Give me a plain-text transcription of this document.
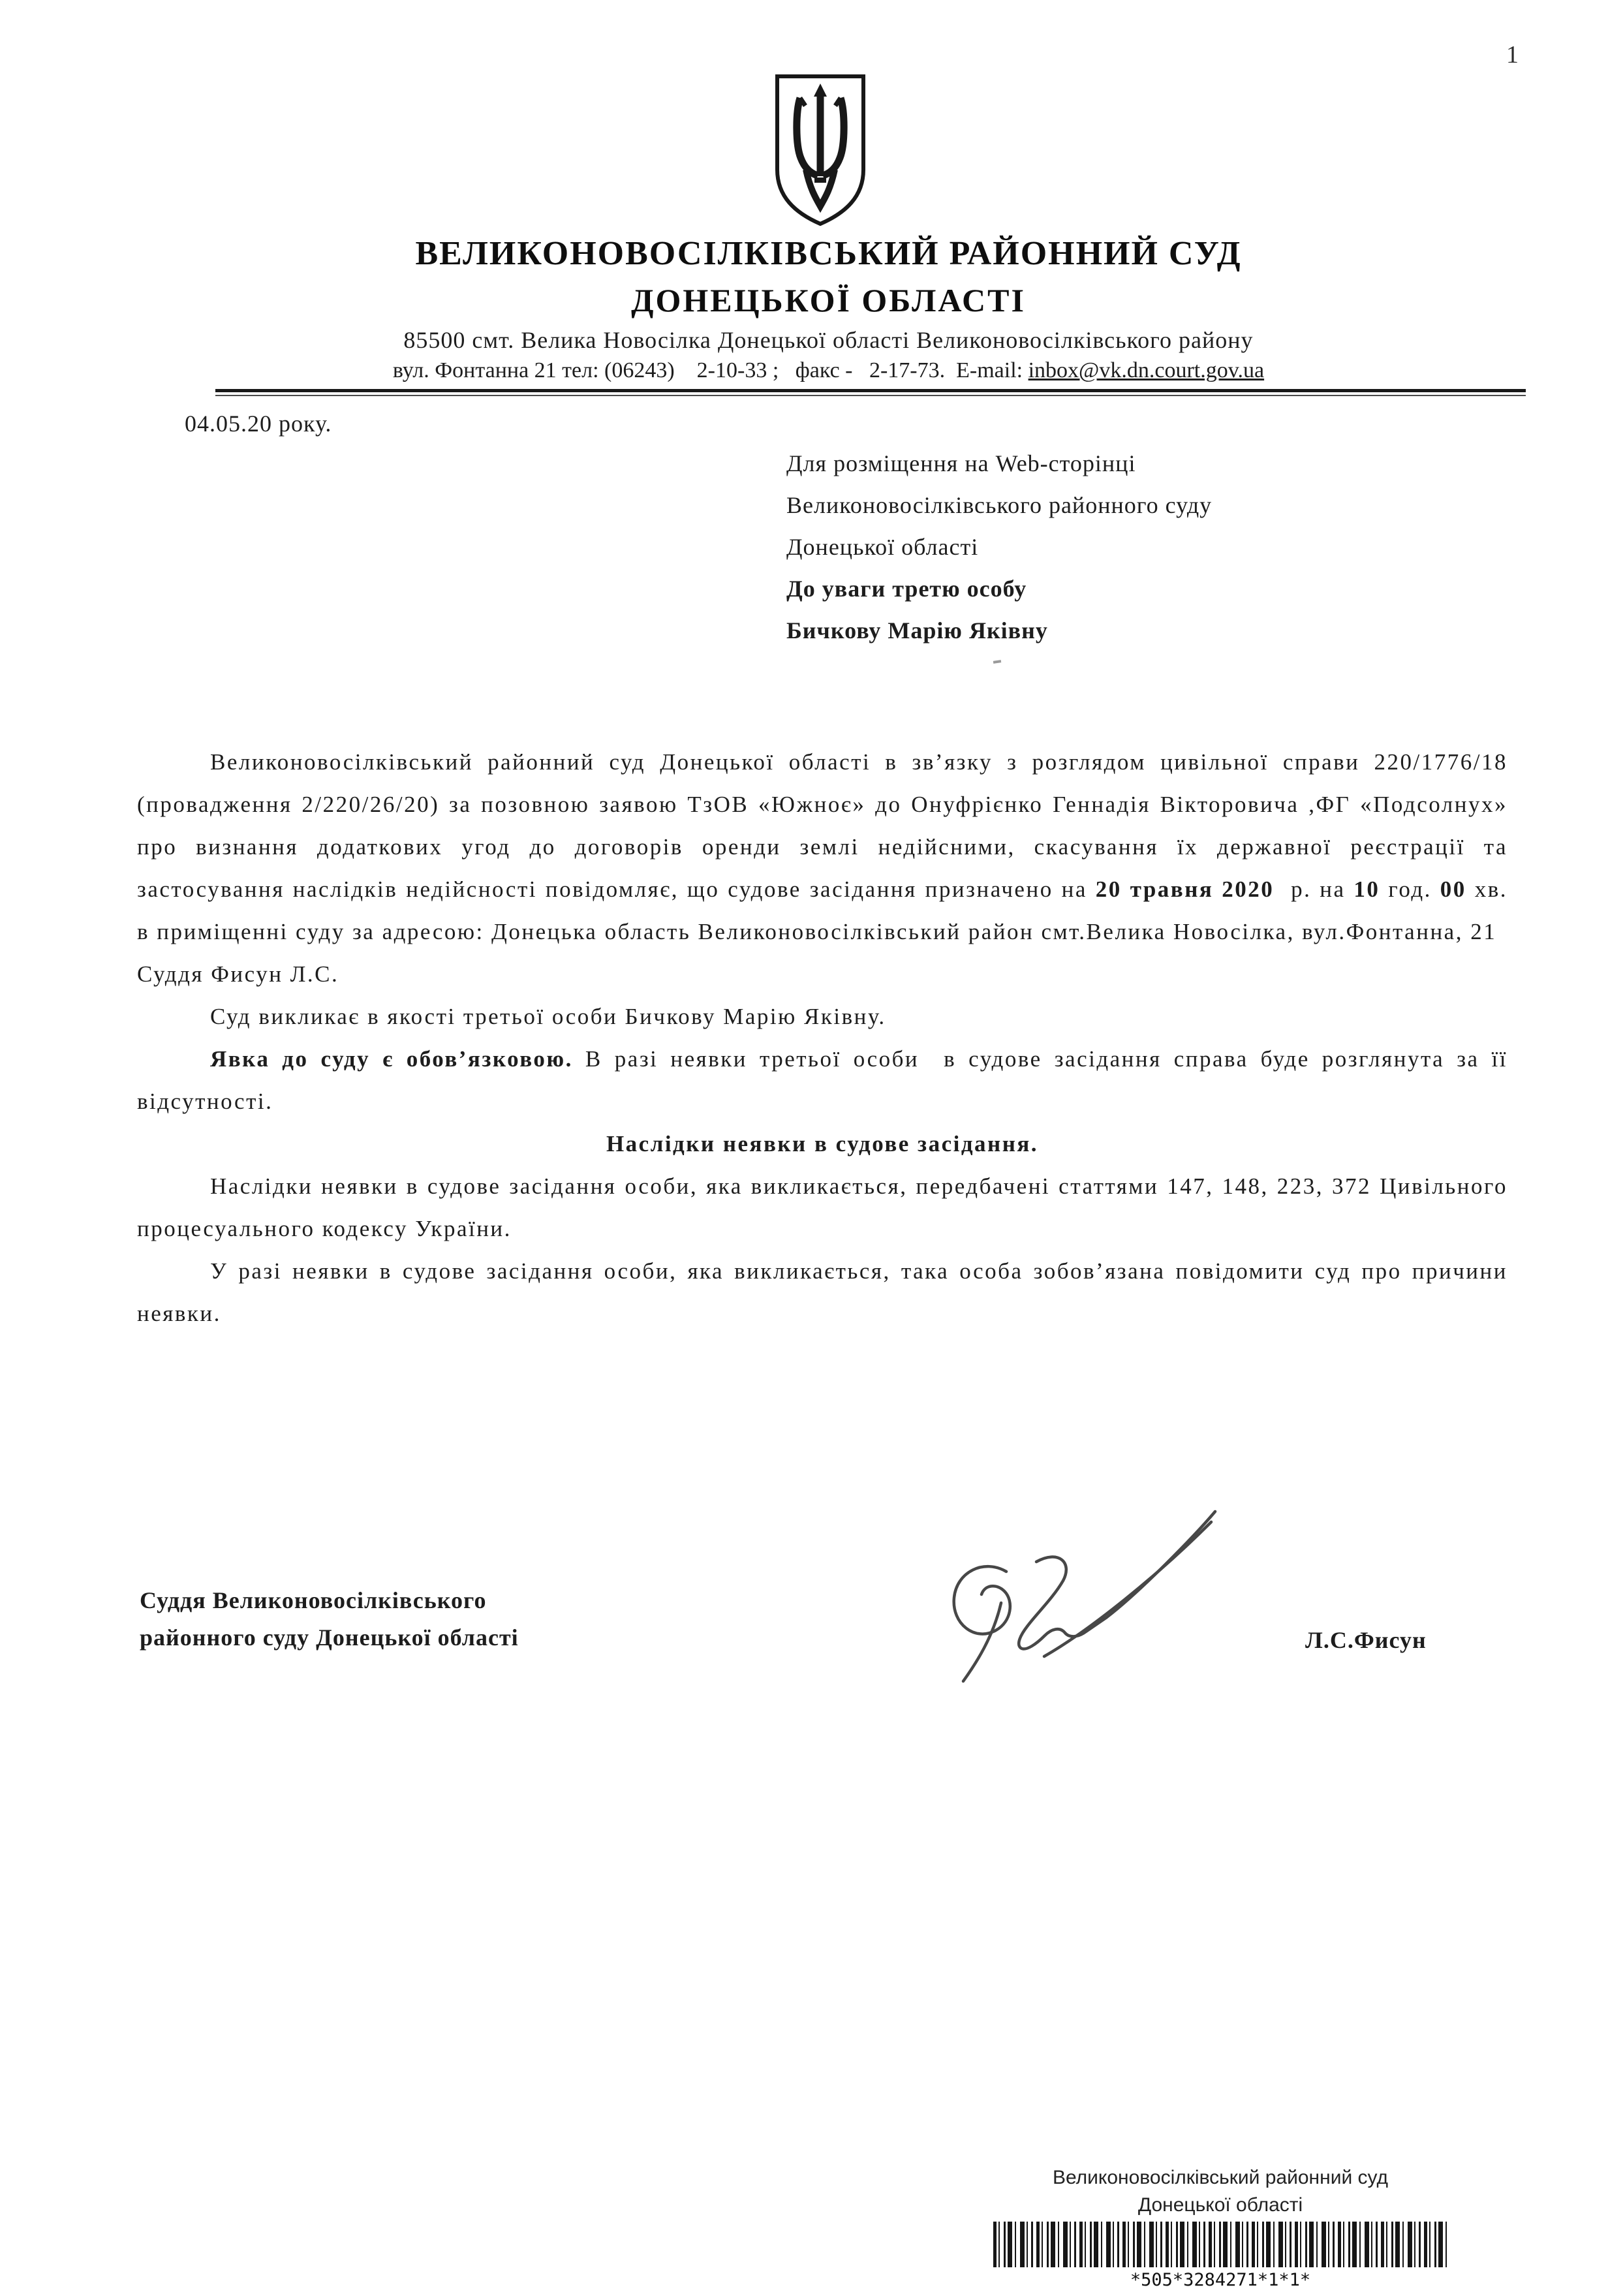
1
ВЕЛИКОНОВОСІЛКІВСЬКИЙ РАЙОННИЙ СУД
ДОНЕЦЬКОЇ ОБЛАСТІ
85500 смт. Велика Новосілка Донецької області Великоновосілківського району
вул. Фонтанна 21 тел: (06243)    2-10-33 ;   факс -   2-17-73.  E-mail: inbox@vk.dn.court.gov.ua
04.05.20 року.
Для розміщення на Web-сторінці
Великоновосілківського районного суду
Донецької області
До уваги третю особу
Бичкову Марію Яківну

Великоновосілківський районний суд Донецької області в зв’язку з розглядом цивільної справи 220/1776/18 (провадження 2/220/26/20) за позовною заявою ТзОВ «Южноє» до Онуфрієнко Геннадія Вікторовича ,ФГ «Подсолнух»  про визнання додаткових угод до договорів оренди землі недійсними, скасування їх державної реєстрації та застосування наслідків недійсності повідомляє, що судове засідання призначено на 20 травня 2020  р. на 10 год. 00 хв.  в приміщенні суду за адресою: Донецька область Великоновосілківський район смт.Велика Новосілка, вул.Фонтанна, 21

Суддя Фисун Л.С.

Суд викликає в якості третьої особи Бичкову Марію Яківну.

Явка до суду є обов’язковою. В разі неявки третьої особи  в судове засідання справа буде розглянута за її відсутності.

Наслідки неявки в судове засідання.

Наслідки неявки в судове засідання особи, яка викликається, передбачені статтями 147, 148, 223, 372 Цивільного процесуального кодексу України.

У разі неявки в судове засідання особи, яка викликається, така особа зобов’язана повідомити суд про причини неявки.

Суддя Великоновосілківського
районного суду Донецької області	Л.С.Фисун
Великоновосілківський районний суд
Донецької області
*505*3284271*1*1*
